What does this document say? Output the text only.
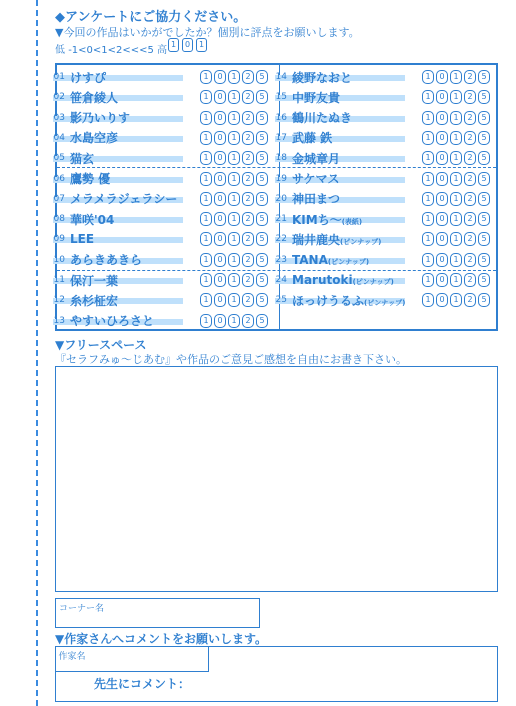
◆アンケートにご協力ください。
▼今回の作品はいかがでしたか？個別に評点をお願いします。
低 -1<0<1<2<<<5 高
1	0	1
01 けすぴ	1	0	1	2	5
02 笹倉綾人	1	0	1	2	5
03 影乃いりす	1	0	1	2	5
04 水島空彦	1	0	1	2	5
05 猫玄	1	0	1	2	5
06 鷹勢 優	1	0	1	2	5
07 メラメラジェラシー	1	0	1	2	5
08 華咲'04	1	0	1	2	5
09 LEE	1	0	1	2	5
10 あらきあきら	1	0	1	2	5
11 保汀一葉	1	0	1	2	5
12 糸杉柾宏	1	0	1	2	5
13 やすいひろさと	1	0	1	2	5
14 綾野なおと	1	0	1	2	5
15 中野友貴	1	0	1	2	5
16 鶴川たぬき	1	0	1	2	5
17 武藤 鉄	1	0	1	2	5
18 金城章月	1	0	1	2	5
19 サケマス	1	0	1	2	5
20 神田まつ	1	0	1	2	5
21 KIMち〜(表紙)	1	0	1	2	5
22 瑞井鹿央(ピンナップ)	1	0	1	2	5
23 TANA(ピンナップ)	1	0	1	2	5
24 Marutoki(ピンナップ)	1	0	1	2	5
25 ほっけうるふ(ピンナップ)	1	0	1	2	5
▼フリースペース
『セラフみゅ〜じあむ』や作品のご意見ご感想を自由にお書き下さい。
コーナー名
▼作家さんへコメントをお願いします。
作家名
先生にコメント：
